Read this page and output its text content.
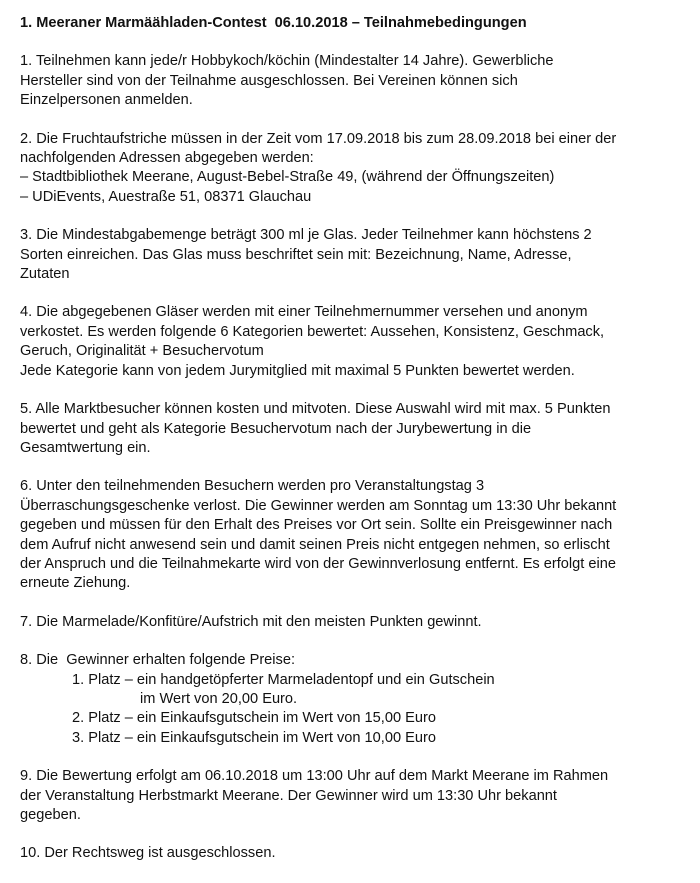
1. Meeraner Marmäähladen-Contest  06.10.2018 – Teilnahmebedingungen
1. Teilnehmen kann jede/r Hobbykoch/köchin (Mindestalter 14 Jahre). Gewerbliche
Hersteller sind von der Teilnahme ausgeschlossen. Bei Vereinen können sich
Einzelpersonen anmelden.
2. Die Fruchtaufstriche müssen in der Zeit vom 17.09.2018 bis zum 28.09.2018 bei einer der
nachfolgenden Adressen abgegeben werden:
– Stadtbibliothek Meerane, August-Bebel-Straße 49, (während der Öffnungszeiten)
– UDiEvents, Auestraße 51, 08371 Glauchau
3. Die Mindestabgabemenge beträgt 300 ml je Glas. Jeder Teilnehmer kann höchstens 2
Sorten einreichen. Das Glas muss beschriftet sein mit: Bezeichnung, Name, Adresse,
Zutaten
4. Die abgegebenen Gläser werden mit einer Teilnehmernummer versehen und anonym
verkostet. Es werden folgende 6 Kategorien bewertet: Aussehen, Konsistenz, Geschmack,
Geruch, Originalität + Besuchervotum
Jede Kategorie kann von jedem Jurymitglied mit maximal 5 Punkten bewertet werden.
5. Alle Marktbesucher können kosten und mitvoten. Diese Auswahl wird mit max. 5 Punkten
bewertet und geht als Kategorie Besuchervotum nach der Jurybewertung in die
Gesamtwertung ein.
6. Unter den teilnehmenden Besuchern werden pro Veranstaltungstag 3
Überraschungsgeschenke verlost. Die Gewinner werden am Sonntag um 13:30 Uhr bekannt
gegeben und müssen für den Erhalt des Preises vor Ort sein. Sollte ein Preisgewinner nach
dem Aufruf nicht anwesend sein und damit seinen Preis nicht entgegen nehmen, so erlischt
der Anspruch und die Teilnahmekarte wird von der Gewinnverlosung entfernt. Es erfolgt eine
erneute Ziehung.
7. Die Marmelade/Konfitüre/Aufstrich mit den meisten Punkten gewinnt.
8. Die  Gewinner erhalten folgende Preise:
1. Platz – ein handgetöpferter Marmeladentopf und ein Gutschein
im Wert von 20,00 Euro.
2. Platz – ein Einkaufsgutschein im Wert von 15,00 Euro
3. Platz – ein Einkaufsgutschein im Wert von 10,00 Euro
9. Die Bewertung erfolgt am 06.10.2018 um 13:00 Uhr auf dem Markt Meerane im Rahmen
der Veranstaltung Herbstmarkt Meerane. Der Gewinner wird um 13:30 Uhr bekannt
gegeben.
10. Der Rechtsweg ist ausgeschlossen.
